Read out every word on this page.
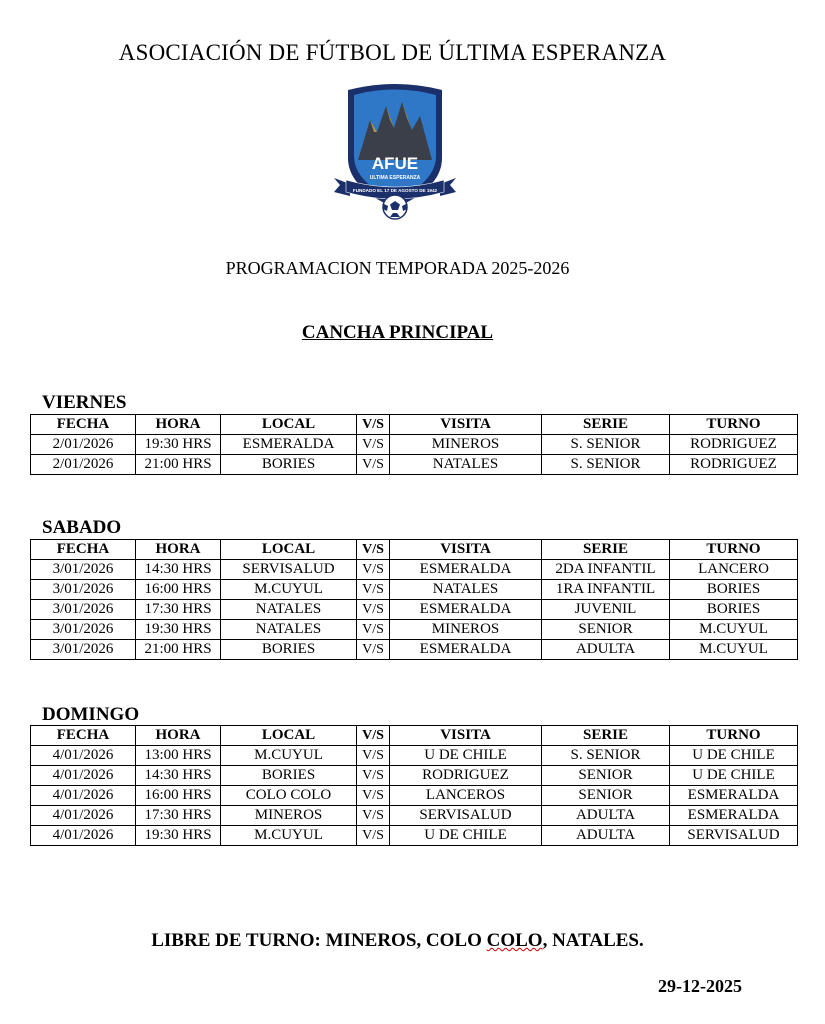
ASOCIACIÓN DE FÚTBOL DE ÚLTIMA ESPERANZA
AFUE
ULTIMA ESPERANZA
FUNDADO EL 17 DE AGOSTO DE 1942
PROGRAMACION TEMPORADA 2025-2026
CANCHA PRINCIPAL
VIERNES
FECHA	HORA	LOCAL	V/S	VISITA	SERIE	TURNO
2/01/2026	19:30 HRS	ESMERALDA	V/S	MINEROS	S. SENIOR	RODRIGUEZ
2/01/2026	21:00 HRS	BORIES	V/S	NATALES	S. SENIOR	RODRIGUEZ
SABADO
FECHA	HORA	LOCAL	V/S	VISITA	SERIE	TURNO
3/01/2026	14:30 HRS	SERVISALUD	V/S	ESMERALDA	2DA INFANTIL	LANCERO
3/01/2026	16:00 HRS	M.CUYUL	V/S	NATALES	1RA INFANTIL	BORIES
3/01/2026	17:30 HRS	NATALES	V/S	ESMERALDA	JUVENIL	BORIES
3/01/2026	19:30 HRS	NATALES	V/S	MINEROS	SENIOR	M.CUYUL
3/01/2026	21:00 HRS	BORIES	V/S	ESMERALDA	ADULTA	M.CUYUL
DOMINGO
FECHA	HORA	LOCAL	V/S	VISITA	SERIE	TURNO
4/01/2026	13:00 HRS	M.CUYUL	V/S	U DE CHILE	S. SENIOR	U DE CHILE
4/01/2026	14:30 HRS	BORIES	V/S	RODRIGUEZ	SENIOR	U DE CHILE
4/01/2026	16:00 HRS	COLO COLO	V/S	LANCEROS	SENIOR	ESMERALDA
4/01/2026	17:30 HRS	MINEROS	V/S	SERVISALUD	ADULTA	ESMERALDA
4/01/2026	19:30 HRS	M.CUYUL	V/S	U DE CHILE	ADULTA	SERVISALUD
LIBRE DE TURNO: MINEROS, COLO COLO, NATALES.
29-12-2025
